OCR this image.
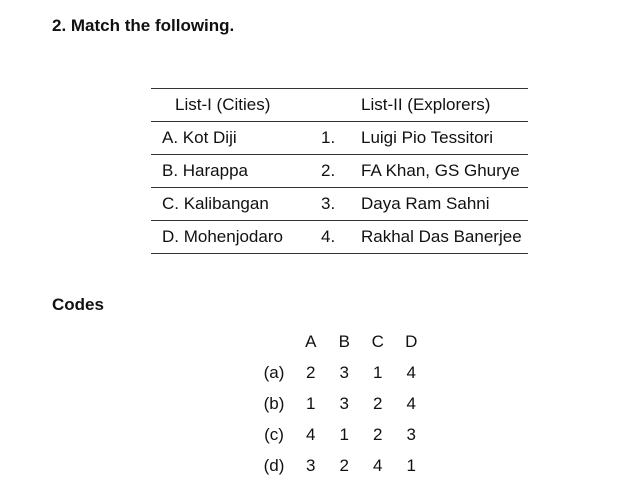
2. Match the following.
List-I (Cities)		List-II (Explorers)
A. Kot Diji	1.	Luigi Pio Tessitori
B. Harappa	2.	FA Khan, GS Ghurye
C. Kalibangan	3.	Daya Ram Sahni
D. Mohenjodaro	4.	Rakhal Das Banerjee
Codes
	A	B	C	D
(a)	2	3	1	4
(b)	1	3	2	4
(c)	4	1	2	3
(d)	3	2	4	1
